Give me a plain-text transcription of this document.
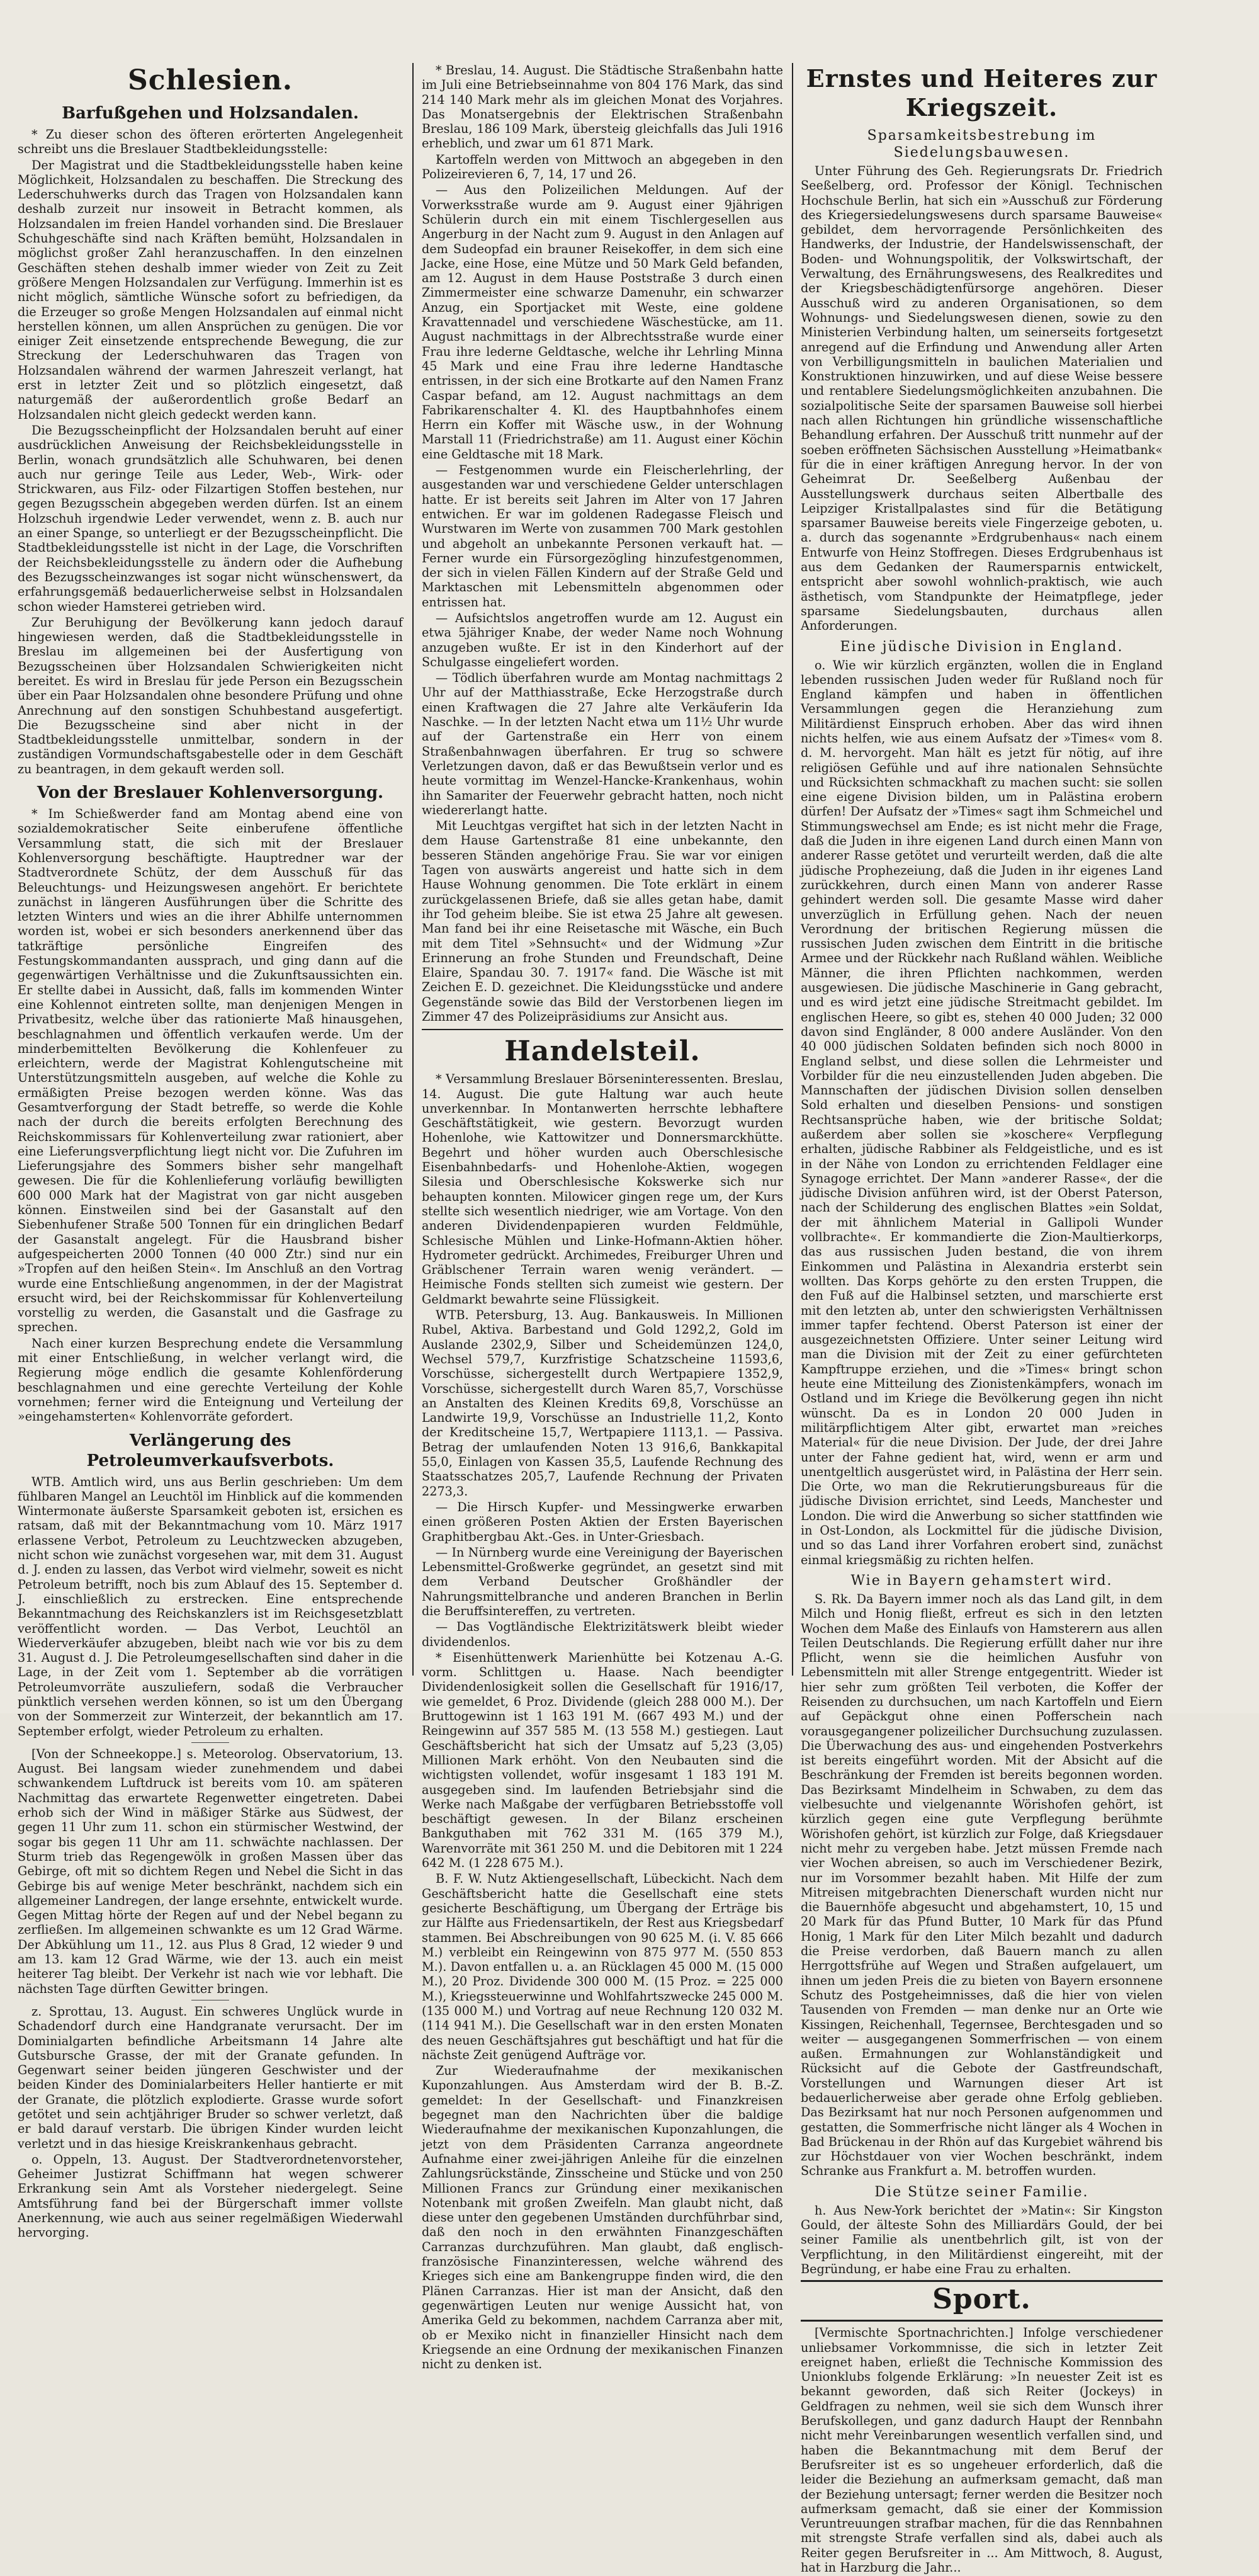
Schlesien.
Barfußgehen und Holzsandalen.

* Zu dieser schon des öfteren erörterten Angelegenheit schreibt uns die Breslauer Stadtbekleidungsstelle:

Der Magistrat und die Stadtbekleidungsstelle haben keine Möglichkeit, Holzsandalen zu beschaffen. Die Streckung des Lederschuhwerks durch das Tragen von Holzsandalen kann deshalb zurzeit nur insoweit in Betracht kommen, als Holzsandalen im freien Handel vorhanden sind. Die Breslauer Schuhgeschäfte sind nach Kräften bemüht, Holzsandalen in möglichst großer Zahl heranzuschaffen. In den einzelnen Geschäften stehen deshalb immer wieder von Zeit zu Zeit größere Mengen Holzsandalen zur Verfügung. Immerhin ist es nicht möglich, sämtliche Wünsche sofort zu befriedigen, da die Erzeuger so große Mengen Holzsandalen auf einmal nicht herstellen können, um allen Ansprüchen zu genügen. Die vor einiger Zeit einsetzende entsprechende Bewegung, die zur Streckung der Lederschuhwaren das Tragen von Holzsandalen während der warmen Jahreszeit verlangt, hat erst in letzter Zeit und so plötzlich eingesetzt, daß naturgemäß der außerordentlich große Bedarf an Holzsandalen nicht gleich gedeckt werden kann.

Die Bezugsscheinpflicht der Holzsandalen beruht auf einer ausdrücklichen Anweisung der Reichsbekleidungsstelle in Berlin, wonach grundsätzlich alle Schuhwaren, bei denen auch nur geringe Teile aus Leder, Web-, Wirk- oder Strickwaren, aus Filz- oder Filzartigen Stoffen bestehen, nur gegen Bezugsschein abgegeben werden dürfen. Ist an einem Holzschuh irgendwie Leder verwendet, wenn z. B. auch nur an einer Spange, so unterliegt er der Bezugsscheinpflicht. Die Stadtbekleidungsstelle ist nicht in der Lage, die Vorschriften der Reichsbekleidungsstelle zu ändern oder die Aufhebung des Bezugsscheinzwanges ist sogar nicht wünschenswert, da erfahrungsgemäß bedauerlicherweise selbst in Holzsandalen schon wieder Hamsterei getrieben wird.

Zur Beruhigung der Bevölkerung kann jedoch darauf hingewiesen werden, daß die Stadtbekleidungsstelle in Breslau im allgemeinen bei der Ausfertigung von Bezugsscheinen über Holzsandalen Schwierigkeiten nicht bereitet. Es wird in Breslau für jede Person ein Bezugsschein über ein Paar Holzsandalen ohne besondere Prüfung und ohne Anrechnung auf den sonstigen Schuhbestand ausgefertigt. Die Bezugsscheine sind aber nicht in der Stadtbekleidungsstelle unmittelbar, sondern in der zuständigen Vormundschaftsgabestelle oder in dem Geschäft zu beantragen, in dem gekauft werden soll.

Von der Breslauer Kohlenversorgung.

* Im Schießwerder fand am Montag abend eine von sozialdemokratischer Seite einberufene öffentliche Versammlung statt, die sich mit der Breslauer Kohlenversorgung beschäftigte. Hauptredner war der Stadtverordnete Schütz, der dem Ausschuß für das Beleuchtungs- und Heizungswesen angehört. Er berichtete zunächst in längeren Ausführungen über die Schritte des letzten Winters und wies an die ihrer Abhilfe unternommen worden ist, wobei er sich besonders anerkennend über das tatkräftige persönliche Eingreifen des Festungskommandanten aussprach, und ging dann auf die gegenwärtigen Verhältnisse und die Zukunftsaussichten ein. Er stellte dabei in Aussicht, daß, falls im kommenden Winter eine Kohlennot eintreten sollte, man denjenigen Mengen in Privatbesitz, welche über das rationierte Maß hinausgehen, beschlagnahmen und öffentlich verkaufen werde. Um der minderbemittelten Bevölkerung die Kohlenfeuer zu erleichtern, werde der Magistrat Kohlengutscheine mit Unterstützungsmitteln ausgeben, auf welche die Kohle zu ermäßigten Preise bezogen werden könne. Was das Gesamtverforgung der Stadt betreffe, so werde die Kohle nach der durch die bereits erfolgten Berechnung des Reichskommissars für Kohlenverteilung zwar rationiert, aber eine Lieferungsverpflichtung liegt nicht vor. Die Zufuhren im Lieferungsjahre des Sommers bisher sehr mangelhaft gewesen. Die für die Kohlenlieferung vorläufig bewilligten 600 000 Mark hat der Magistrat von gar nicht ausgeben können. Einstweilen sind bei der Gasanstalt auf den Siebenhufener Straße 500 Tonnen für ein dringlichen Bedarf der Gasanstalt angelegt. Für die Hausbrand bisher aufgespeicherten 2000 Tonnen (40 000 Ztr.) sind nur ein »Tropfen auf den heißen Stein«. Im Anschluß an den Vortrag wurde eine Entschließung angenommen, in der der Magistrat ersucht wird, bei der Reichskommissar für Kohlenverteilung vorstellig zu werden, die Gasanstalt und die Gasfrage zu sprechen.

Nach einer kurzen Besprechung endete die Versammlung mit einer Entschließung, in welcher verlangt wird, die Regierung möge endlich die gesamte Kohlenförderung beschlagnahmen und eine gerechte Verteilung der Kohle vornehmen; ferner wird die Enteignung und Verteilung der »eingehamsterten« Kohlenvorräte gefordert.

Verlängerung des Petroleumverkaufsverbots.

WTB. Amtlich wird, uns aus Berlin geschrieben: Um dem fühlbaren Mangel an Leuchtöl im Hinblick auf die kommenden Wintermonate äußerste Sparsamkeit geboten ist, ersichen es ratsam, daß mit der Bekanntmachung vom 10. März 1917 erlassene Verbot, Petroleum zu Leuchtzwecken abzugeben, nicht schon wie zunächst vorgesehen war, mit dem 31. August d. J. enden zu lassen, das Verbot wird vielmehr, soweit es nicht Petroleum betrifft, noch bis zum Ablauf des 15. September d. J. einschließlich zu erstrecken. Eine entsprechende Bekanntmachung des Reichskanzlers ist im Reichsgesetzblatt veröffentlicht worden. — Das Verbot, Leuchtöl an Wiederverkäufer abzugeben, bleibt nach wie vor bis zu dem 31. August d. J. Die Petroleumgesellschaften sind daher in die Lage, in der Zeit vom 1. September ab die vorrätigen Petroleumvorräte auszuliefern, sodaß die Verbraucher pünktlich versehen werden können, so ist um den Übergang von der Sommerzeit zur Winterzeit, der bekanntlich am 17. September erfolgt, wieder Petroleum zu erhalten.

[Von der Schneekoppe.] s. Meteorolog. Observatorium, 13. August. Bei langsam wieder zunehmendem und dabei schwankendem Luftdruck ist bereits vom 10. am späteren Nachmittag das erwartete Regenwetter eingetreten. Dabei erhob sich der Wind in mäßiger Stärke aus Südwest, der gegen 11 Uhr zum 11. schon ein stürmischer Westwind, der sogar bis gegen 11 Uhr am 11. schwächte nachlassen. Der Sturm trieb das Regengewölk in großen Massen über das Gebirge, oft mit so dichtem Regen und Nebel die Sicht in das Gebirge bis auf wenige Meter beschränkt, nachdem sich ein allgemeiner Landregen, der lange ersehnte, entwickelt wurde. Gegen Mittag hörte der Regen auf und der Nebel begann zu zerfließen. Im allgemeinen schwankte es um 12 Grad Wärme. Der Abkühlung um 11., 12. aus Plus 8 Grad, 12 wieder 9 und am 13. kam 12 Grad Wärme, wie der 13. auch ein meist heiterer Tag bleibt. Der Verkehr ist nach wie vor lebhaft. Die nächsten Tage dürften Gewitter bringen.

z. Sprottau, 13. August. Ein schweres Unglück wurde in Schadendorf durch eine Handgranate verursacht. Der im Dominialgarten befindliche Arbeitsmann 14 Jahre alte Gutsbursche Grasse, der mit der Granate gefunden. In Gegenwart seiner beiden jüngeren Geschwister und der beiden Kinder des Dominialarbeiters Heller hantierte er mit der Granate, die plötzlich explodierte. Grasse wurde sofort getötet und sein achtjähriger Bruder so schwer verletzt, daß er bald darauf verstarb. Die übrigen Kinder wurden leicht verletzt und in das hiesige Kreiskrankenhaus gebracht.

o. Oppeln, 13. August. Der Stadtverordnetenvorsteher, Geheimer Justizrat Schiffmann hat wegen schwerer Erkrankung sein Amt als Vorsteher niedergelegt. Seine Amtsführung fand bei der Bürgerschaft immer vollste Anerkennung, wie auch aus seiner regelmäßigen Wiederwahl hervorging.

* Breslau, 14. August. Die Städtische Straßenbahn hatte im Juli eine Betriebseinnahme von 804 176 Mark, das sind 214 140 Mark mehr als im gleichen Monat des Vorjahres. Das Monatsergebnis der Elektrischen Straßenbahn Breslau, 186 109 Mark, übersteig gleichfalls das Juli 1916 erheblich, und zwar um 61 871 Mark.

Kartoffeln werden von Mittwoch an abgegeben in den Polizeirevieren 6, 7, 14, 17 und 26.

— Aus den Polizeilichen Meldungen. Auf der Vorwerksstraße wurde am 9. August einer 9jährigen Schülerin durch ein mit einem Tischlergesellen aus Angerburg in der Nacht zum 9. August in den Anlagen auf dem Sudeopfad ein brauner Reisekoffer, in dem sich eine Jacke, eine Hose, eine Mütze und 50 Mark Geld befanden, am 12. August in dem Hause Poststraße 3 durch einen Zimmermeister eine schwarze Damenuhr, ein schwarzer Anzug, ein Sportjacket mit Weste, eine goldene Kravattennadel und verschiedene Wäschestücke, am 11. August nachmittags in der Albrechtsstraße wurde einer Frau ihre lederne Geldtasche, welche ihr Lehrling Minna 45 Mark und eine Frau ihre lederne Handtasche entrissen, in der sich eine Brotkarte auf den Namen Franz Caspar befand, am 12. August nachmittags an dem Fabrikarenschalter 4. Kl. des Hauptbahnhofes einem Herrn ein Koffer mit Wäsche usw., in der Wohnung Marstall 11 (Friedrichstraße) am 11. August einer Köchin eine Geldtasche mit 18 Mark.

— Festgenommen wurde ein Fleischerlehrling, der ausgestanden war und verschiedene Gelder unterschlagen hatte. Er ist bereits seit Jahren im Alter von 17 Jahren entwichen. Er war im goldenen Radegasse Fleisch und Wurstwaren im Werte von zusammen 700 Mark gestohlen und abgeholt an unbekannte Personen verkauft hat. — Ferner wurde ein Fürsorgezögling hinzufestgenommen, der sich in vielen Fällen Kindern auf der Straße Geld und Marktaschen mit Lebensmitteln abgenommen oder entrissen hat.

— Aufsichtslos angetroffen wurde am 12. August ein etwa 5jähriger Knabe, der weder Name noch Wohnung anzugeben wußte. Er ist in den Kinderhort auf der Schulgasse eingeliefert worden.

— Tödlich überfahren wurde am Montag nachmittags 2 Uhr auf der Matthiasstraße, Ecke Herzogstraße durch einen Kraftwagen die 27 Jahre alte Verkäuferin Ida Naschke. — In der letzten Nacht etwa um 11½ Uhr wurde auf der Gartenstraße ein Herr von einem Straßenbahnwagen überfahren. Er trug so schwere Verletzungen davon, daß er das Bewußtsein verlor und es heute vormittag im Wenzel-Hancke-Krankenhaus, wohin ihn Samariter der Feuerwehr gebracht hatten, noch nicht wiedererlangt hatte.

Mit Leuchtgas vergiftet hat sich in der letzten Nacht in dem Hause Gartenstraße 81 eine unbekannte, den besseren Ständen angehörige Frau. Sie war vor einigen Tagen von auswärts angereist und hatte sich in dem Hause Wohnung genommen. Die Tote erklärt in einem zurückgelassenen Briefe, daß sie alles getan habe, damit ihr Tod geheim bleibe. Sie ist etwa 25 Jahre alt gewesen. Man fand bei ihr eine Reisetasche mit Wäsche, ein Buch mit dem Titel »Sehnsucht« und der Widmung »Zur Erinnerung an frohe Stunden und Freundschaft, Deine Elaire, Spandau 30. 7. 1917« fand. Die Wäsche ist mit Zeichen E. D. gezeichnet. Die Kleidungsstücke und andere Gegenstände sowie das Bild der Verstorbenen liegen im Zimmer 47 des Polizeipräsidiums zur Ansicht aus.

Handelsteil.

* Versammlung Breslauer Börseninteressenten. Breslau, 14. August. Die gute Haltung war auch heute unverkennbar. In Montanwerten herrschte lebhaftere Geschäftstätigkeit, wie gestern. Bevorzugt wurden Hohenlohe, wie Kattowitzer und Donnersmarckhütte. Begehrt und höher wurden auch Oberschlesische Eisenbahnbedarfs- und Hohenlohe-Aktien, wogegen Silesia und Oberschlesische Kokswerke sich nur behaupten konnten. Milowicer gingen rege um, der Kurs stellte sich wesentlich niedriger, wie am Vortage. Von den anderen Dividendenpapieren wurden Feldmühle, Schlesische Mühlen und Linke-Hofmann-Aktien höher. Hydrometer gedrückt. Archimedes, Freiburger Uhren und Gräblschener Terrain waren wenig verändert. — Heimische Fonds stellten sich zumeist wie gestern. Der Geldmarkt bewahrte seine Flüssigkeit.

WTB. Petersburg, 13. Aug. Bankausweis. In Millionen Rubel, Aktiva. Barbestand und Gold 1292,2, Gold im Auslande 2302,9, Silber und Scheidemünzen 124,0, Wechsel 579,7, Kurzfristige Schatzscheine 11593,6, Vorschüsse, sichergestellt durch Wertpapiere 1352,9, Vorschüsse, sichergestellt durch Waren 85,7, Vorschüsse an Anstalten des Kleinen Kredits 69,8, Vorschüsse an Landwirte 19,9, Vorschüsse an Industrielle 11,2, Konto der Kreditscheine 15,7, Wertpapiere 1113,1. — Passiva. Betrag der umlaufenden Noten 13 916,6, Bankkapital 55,0, Einlagen von Kassen 35,5, Laufende Rechnung des Staatsschatzes 205,7, Laufende Rechnung der Privaten 2273,3.

— Die Hirsch Kupfer- und Messingwerke erwarben einen größeren Posten Aktien der Ersten Bayerischen Graphitbergbau Akt.-Ges. in Unter-Griesbach.

— In Nürnberg wurde eine Vereinigung der Bayerischen Lebensmittel-Großwerke gegründet, an gesetzt sind mit dem Verband Deutscher Großhändler der Nahrungsmittelbranche und anderen Branchen in Berlin die Beruffsintereffen, zu vertreten.

— Das Vogtländische Elektrizitätswerk bleibt wieder dividendenlos.

* Eisenhüttenwerk Marienhütte bei Kotzenau A.-G. vorm. Schlittgen u. Haase. Nach beendigter Dividendenlosigkeit sollen die Gesellschaft für 1916/17, wie gemeldet, 6 Proz. Dividende (gleich 288 000 M.). Der Bruttogewinn ist 1 163 191 M. (667 493 M.) und der Reingewinn auf 357 585 M. (13 558 M.) gestiegen. Laut Geschäftsbericht hat sich der Umsatz auf 5,23 (3,05) Millionen Mark erhöht. Von den Neubauten sind die wichtigsten vollendet, wofür insgesamt 1 183 191 M. ausgegeben sind. Im laufenden Betriebsjahr sind die Werke nach Maßgabe der verfügbaren Betriebsstoffe voll beschäftigt gewesen. In der Bilanz erscheinen Bankguthaben mit 762 331 M. (165 379 M.), Warenvorräte mit 361 250 M. und die Debitoren mit 1 224 642 M. (1 228 675 M.).

B. F. W. Nutz Aktiengesellschaft, Lübeckicht. Nach dem Geschäftsbericht hatte die Gesellschaft eine stets gesicherte Beschäftigung, um Übergang der Erträge bis zur Hälfte aus Friedensartikeln, der Rest aus Kriegsbedarf stammen. Bei Abschreibungen von 90 625 M. (i. V. 85 666 M.) verbleibt ein Reingewinn von 875 977 M. (550 853 M.). Davon entfallen u. a. an Rücklagen 45 000 M. (15 000 M.), 20 Proz. Dividende 300 000 M. (15 Proz. = 225 000 M.), Kriegssteuerwinne und Wohlfahrtszwecke 245 000 M. (135 000 M.) und Vortrag auf neue Rechnung 120 032 M. (114 941 M.). Die Gesellschaft war in den ersten Monaten des neuen Geschäftsjahres gut beschäftigt und hat für die nächste Zeit genügend Aufträge vor.

Zur Wiederaufnahme der mexikanischen Kuponzahlungen. Aus Amsterdam wird der B. B.-Z. gemeldet: In der Gesellschaft- und Finanzkreisen begegnet man den Nachrichten über die baldige Wiederaufnahme der mexikanischen Kuponzahlungen, die jetzt von dem Präsidenten Carranza angeordnete Aufnahme einer zwei-jährigen Anleihe für die einzelnen Zahlungsrückstände, Zinsscheine und Stücke und von 250 Millionen Francs zur Gründung einer mexikanischen Notenbank mit großen Zweifeln. Man glaubt nicht, daß diese unter den gegebenen Umständen durchführbar sind, daß den noch in den erwähnten Finanzgeschäften Carranzas durchzuführen. Man glaubt, daß englisch-französische Finanzinteressen, welche während des Krieges sich eine am Bankengruppe finden wird, die den Plänen Carranzas. Hier ist man der Ansicht, daß den gegenwärtigen Leuten nur wenige Aussicht hat, von Amerika Geld zu bekommen, nachdem Carranza aber mit, ob er Mexiko nicht in finanzieller Hinsicht nach dem Kriegsende an eine Ordnung der mexikanischen Finanzen nicht zu denken ist.

Ernstes und Heiteres zur Kriegszeit.
Sparsamkeitsbestrebung im Siedelungsbauwesen.

Unter Führung des Geh. Regierungsrats Dr. Friedrich Seeßelberg, ord. Professor der Königl. Technischen Hochschule Berlin, hat sich ein »Ausschuß zur Förderung des Kriegersiedelungswesens durch sparsame Bauweise« gebildet, dem hervorragende Persönlichkeiten des Handwerks, der Industrie, der Handelswissenschaft, der Boden- und Wohnungspolitik, der Volkswirtschaft, der Verwaltung, des Ernährungswesens, des Realkredites und der Kriegsbeschädigtenfürsorge angehören. Dieser Ausschuß wird zu anderen Organisationen, so dem Wohnungs- und Siedelungswesen dienen, sowie zu den Ministerien Verbindung halten, um seinerseits fortgesetzt anregend auf die Erfindung und Anwendung aller Arten von Verbilligungsmitteln in baulichen Materialien und Konstruktionen hinzuwirken, und auf diese Weise bessere und rentablere Siedelungsmöglichkeiten anzubahnen. Die sozialpolitische Seite der sparsamen Bauweise soll hierbei nach allen Richtungen hin gründliche wissenschaftliche Behandlung erfahren. Der Ausschuß tritt nunmehr auf der soeben eröffneten Sächsischen Ausstellung »Heimatbank« für die in einer kräftigen Anregung hervor. In der von Geheimrat Dr. Seeßelberg Außenbau der Ausstellungswerk durchaus seiten Albertballe des Leipziger Kristallpalastes sind für die Betätigung sparsamer Bauweise bereits viele Fingerzeige geboten, u. a. durch das sogenannte »Erdgrubenhaus« nach einem Entwurfe von Heinz Stoffregen. Dieses Erdgrubenhaus ist aus dem Gedanken der Raumersparnis entwickelt, entspricht aber sowohl wohnlich-praktisch, wie auch ästhetisch, vom Standpunkte der Heimatpflege, jeder sparsame Siedelungsbauten, durchaus allen Anforderungen.

Eine jüdische Division in England.

o. Wie wir kürzlich ergänzten, wollen die in England lebenden russischen Juden weder für Rußland noch für England kämpfen und haben in öffentlichen Versammlungen gegen die Heranziehung zum Militärdienst Einspruch erhoben. Aber das wird ihnen nichts helfen, wie aus einem Aufsatz der »Times« vom 8. d. M. hervorgeht. Man hält es jetzt für nötig, auf ihre religiösen Gefühle und auf ihre nationalen Sehnsüchte und Rücksichten schmackhaft zu machen sucht: sie sollen eine eigene Division bilden, um in Palästina erobern dürfen! Der Aufsatz der »Times« sagt ihm Schmeichel und Stimmungswechsel am Ende; es ist nicht mehr die Frage, daß die Juden in ihre eigenen Land durch einen Mann von anderer Rasse getötet und verurteilt werden, daß die alte jüdische Prophezeiung, daß die Juden in ihr eigenes Land zurückkehren, durch einen Mann von anderer Rasse gehindert werden soll. Die gesamte Masse wird daher unverzüglich in Erfüllung gehen. Nach der neuen Verordnung der britischen Regierung müssen die russischen Juden zwischen dem Eintritt in die britische Armee und der Rückkehr nach Rußland wählen. Weibliche Männer, die ihren Pflichten nachkommen, werden ausgewiesen. Die jüdische Maschinerie in Gang gebracht, und es wird jetzt eine jüdische Streitmacht gebildet. Im englischen Heere, so gibt es, stehen 40 000 Juden; 32 000 davon sind Engländer, 8 000 andere Ausländer. Von den 40 000 jüdischen Soldaten befinden sich noch 8000 in England selbst, und diese sollen die Lehrmeister und Vorbilder für die neu einzustellenden Juden abgeben. Die Mannschaften der jüdischen Division sollen denselben Sold erhalten und dieselben Pensions- und sonstigen Rechtsansprüche haben, wie der britische Soldat; außerdem aber sollen sie »koschere« Verpflegung erhalten, jüdische Rabbiner als Feldgeistliche, und es ist in der Nähe von London zu errichtenden Feldlager eine Synagoge errichtet. Der Mann »anderer Rasse«, der die jüdische Division anführen wird, ist der Oberst Paterson, nach der Schilderung des englischen Blattes »ein Soldat, der mit ähnlichem Material in Gallipoli Wunder vollbrachte«. Er kommandierte die Zion-Maultierkorps, das aus russischen Juden bestand, die von ihrem Einkommen und Palästina in Alexandria ersterbt sein wollten. Das Korps gehörte zu den ersten Truppen, die den Fuß auf die Halbinsel setzten, und marschierte erst mit den letzten ab, unter den schwierigsten Verhältnissen immer tapfer fechtend. Oberst Paterson ist einer der ausgezeichnetsten Offiziere. Unter seiner Leitung wird man die Division mit der Zeit zu einer gefürchteten Kampftruppe erziehen, und die »Times« bringt schon heute eine Mitteilung des Zionistenkämpfers, wonach im Ostland und im Kriege die Bevölkerung gegen ihn nicht wünscht. Da es in London 20 000 Juden in militärpflichtigem Alter gibt, erwartet man »reiches Material« für die neue Division. Der Jude, der drei Jahre unter der Fahne gedient hat, wird, wenn er arm und unentgeltlich ausgerüstet wird, in Palästina der Herr sein. Die Orte, wo man die Rekrutierungsbureaus für die jüdische Division errichtet, sind Leeds, Manchester und London. Die wird die Anwerbung so sicher stattfinden wie in Ost-London, als Lockmittel für die jüdische Division, und so das Land ihrer Vorfahren erobert sind, zunächst einmal kriegsmäßig zu richten helfen.

Wie in Bayern gehamstert wird.

S. Rk. Da Bayern immer noch als das Land gilt, in dem Milch und Honig fließt, erfreut es sich in den letzten Wochen dem Maße des Einlaufs von Hamsterern aus allen Teilen Deutschlands. Die Regierung erfüllt daher nur ihre Pflicht, wenn sie die heimlichen Ausfuhr von Lebensmitteln mit aller Strenge entgegentritt. Wieder ist hier sehr zum größten Teil verboten, die Koffer der Reisenden zu durchsuchen, um nach Kartoffeln und Eiern auf Gepäckgut ohne einen Pofferschein nach vorausgegangener polizeilicher Durchsuchung zuzulassen. Die Überwachung des aus- und eingehenden Postverkehrs ist bereits eingeführt worden. Mit der Absicht auf die Beschränkung der Fremden ist bereits begonnen worden. Das Bezirksamt Mindelheim in Schwaben, zu dem das vielbesuchte und vielgenannte Wörishofen gehört, ist kürzlich gegen eine gute Verpflegung berühmte Wörishofen gehört, ist kürzlich zur Folge, daß Kriegsdauer nicht mehr zu vergeben habe. Jetzt müssen Fremde nach vier Wochen abreisen, so auch im Verschiedener Bezirk, nur im Vorsommer bezahlt haben. Mit Hilfe der zum Mitreisen mitgebrachten Dienerschaft wurden nicht nur die Bauernhöfe abgesucht und abgehamstert, 10, 15 und 20 Mark für das Pfund Butter, 10 Mark für das Pfund Honig, 1 Mark für den Liter Milch bezahlt und dadurch die Preise verdorben, daß Bauern manch zu allen Herrgottsfrühe auf Wegen und Straßen aufgelauert, um ihnen um jeden Preis die zu bieten von Bayern ersonnene Schutz des Postgeheimnisses, daß die hier von vielen Tausenden von Fremden — man denke nur an Orte wie Kissingen, Reichenhall, Tegernsee, Berchtesgaden und so weiter — ausgegangenen Sommerfrischen — von einem außen. Ermahnungen zur Wohlanständigkeit und Rücksicht auf die Gebote der Gastfreundschaft, Vorstellungen und Warnungen dieser Art ist bedauerlicherweise aber gerade ohne Erfolg geblieben. Das Bezirksamt hat nur noch Personen aufgenommen und gestatten, die Sommerfrische nicht länger als 4 Wochen in Bad Brückenau in der Rhön auf das Kurgebiet während bis zur Höchstdauer von vier Wochen beschränkt, indem Schranke aus Frankfurt a. M. betroffen wurden.

Die Stütze seiner Familie.

h. Aus New-York berichtet der »Matin«: Sir Kingston Gould, der älteste Sohn des Milliardärs Gould, der bei seiner Familie als unentbehrlich gilt, ist von der Verpflichtung, in den Militärdienst eingereiht, mit der Begründung, er habe eine Frau zu erhalten.

Sport.

[Vermischte Sportnachrichten.] Infolge verschiedener unliebsamer Vorkommnisse, die sich in letzter Zeit ereignet haben, erließt die Technische Kommission des Unionklubs folgende Erklärung: »In neuester Zeit ist es bekannt geworden, daß sich Reiter (Jockeys) in Geldfragen zu nehmen, weil sie sich dem Wunsch ihrer Berufskollegen, und ganz dadurch Haupt der Rennbahn nicht mehr Vereinbarungen wesentlich verfallen sind, und haben die Bekanntmachung mit dem Beruf der Berufsreiter ist es so ungeheuer erforderlich, daß die leider die Beziehung an aufmerksam gemacht, daß man der Beziehung untersagt; ferner werden die Besitzer noch aufmerksam gemacht, daß sie einer der Kommission Veruntreuungen strafbar machen, für die das Rennbahnen mit strengste Strafe verfallen sind als, dabei auch als Reiter gegen Berufsreiter in ... Am Mittwoch, 8. August, hat in Harzburg die Jahr...
